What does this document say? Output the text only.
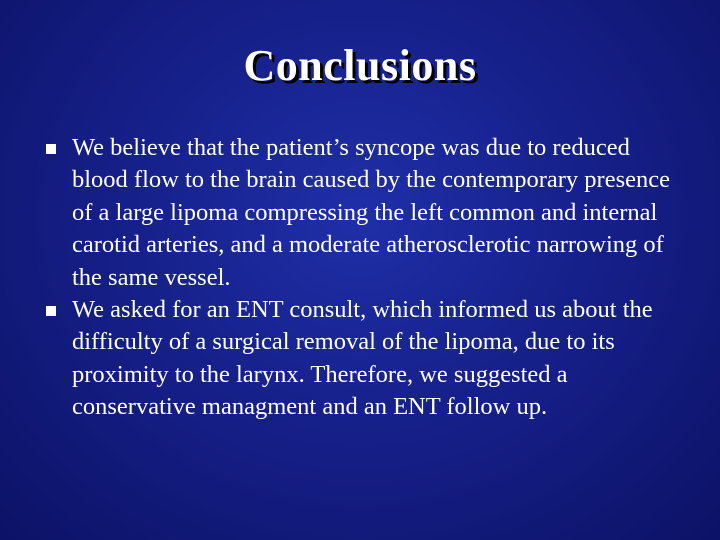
Conclusions
We believe that the patient’s syncope was due to reduced blood flow to the brain caused by the contemporary presence of a large lipoma compressing the left common and internal carotid arteries, and a moderate atherosclerotic narrowing of the same vessel.
We asked for an ENT consult, which informed us about the difficulty of a surgical removal of the lipoma, due to its proximity to the larynx. Therefore, we suggested a conservative managment and an ENT follow up.
